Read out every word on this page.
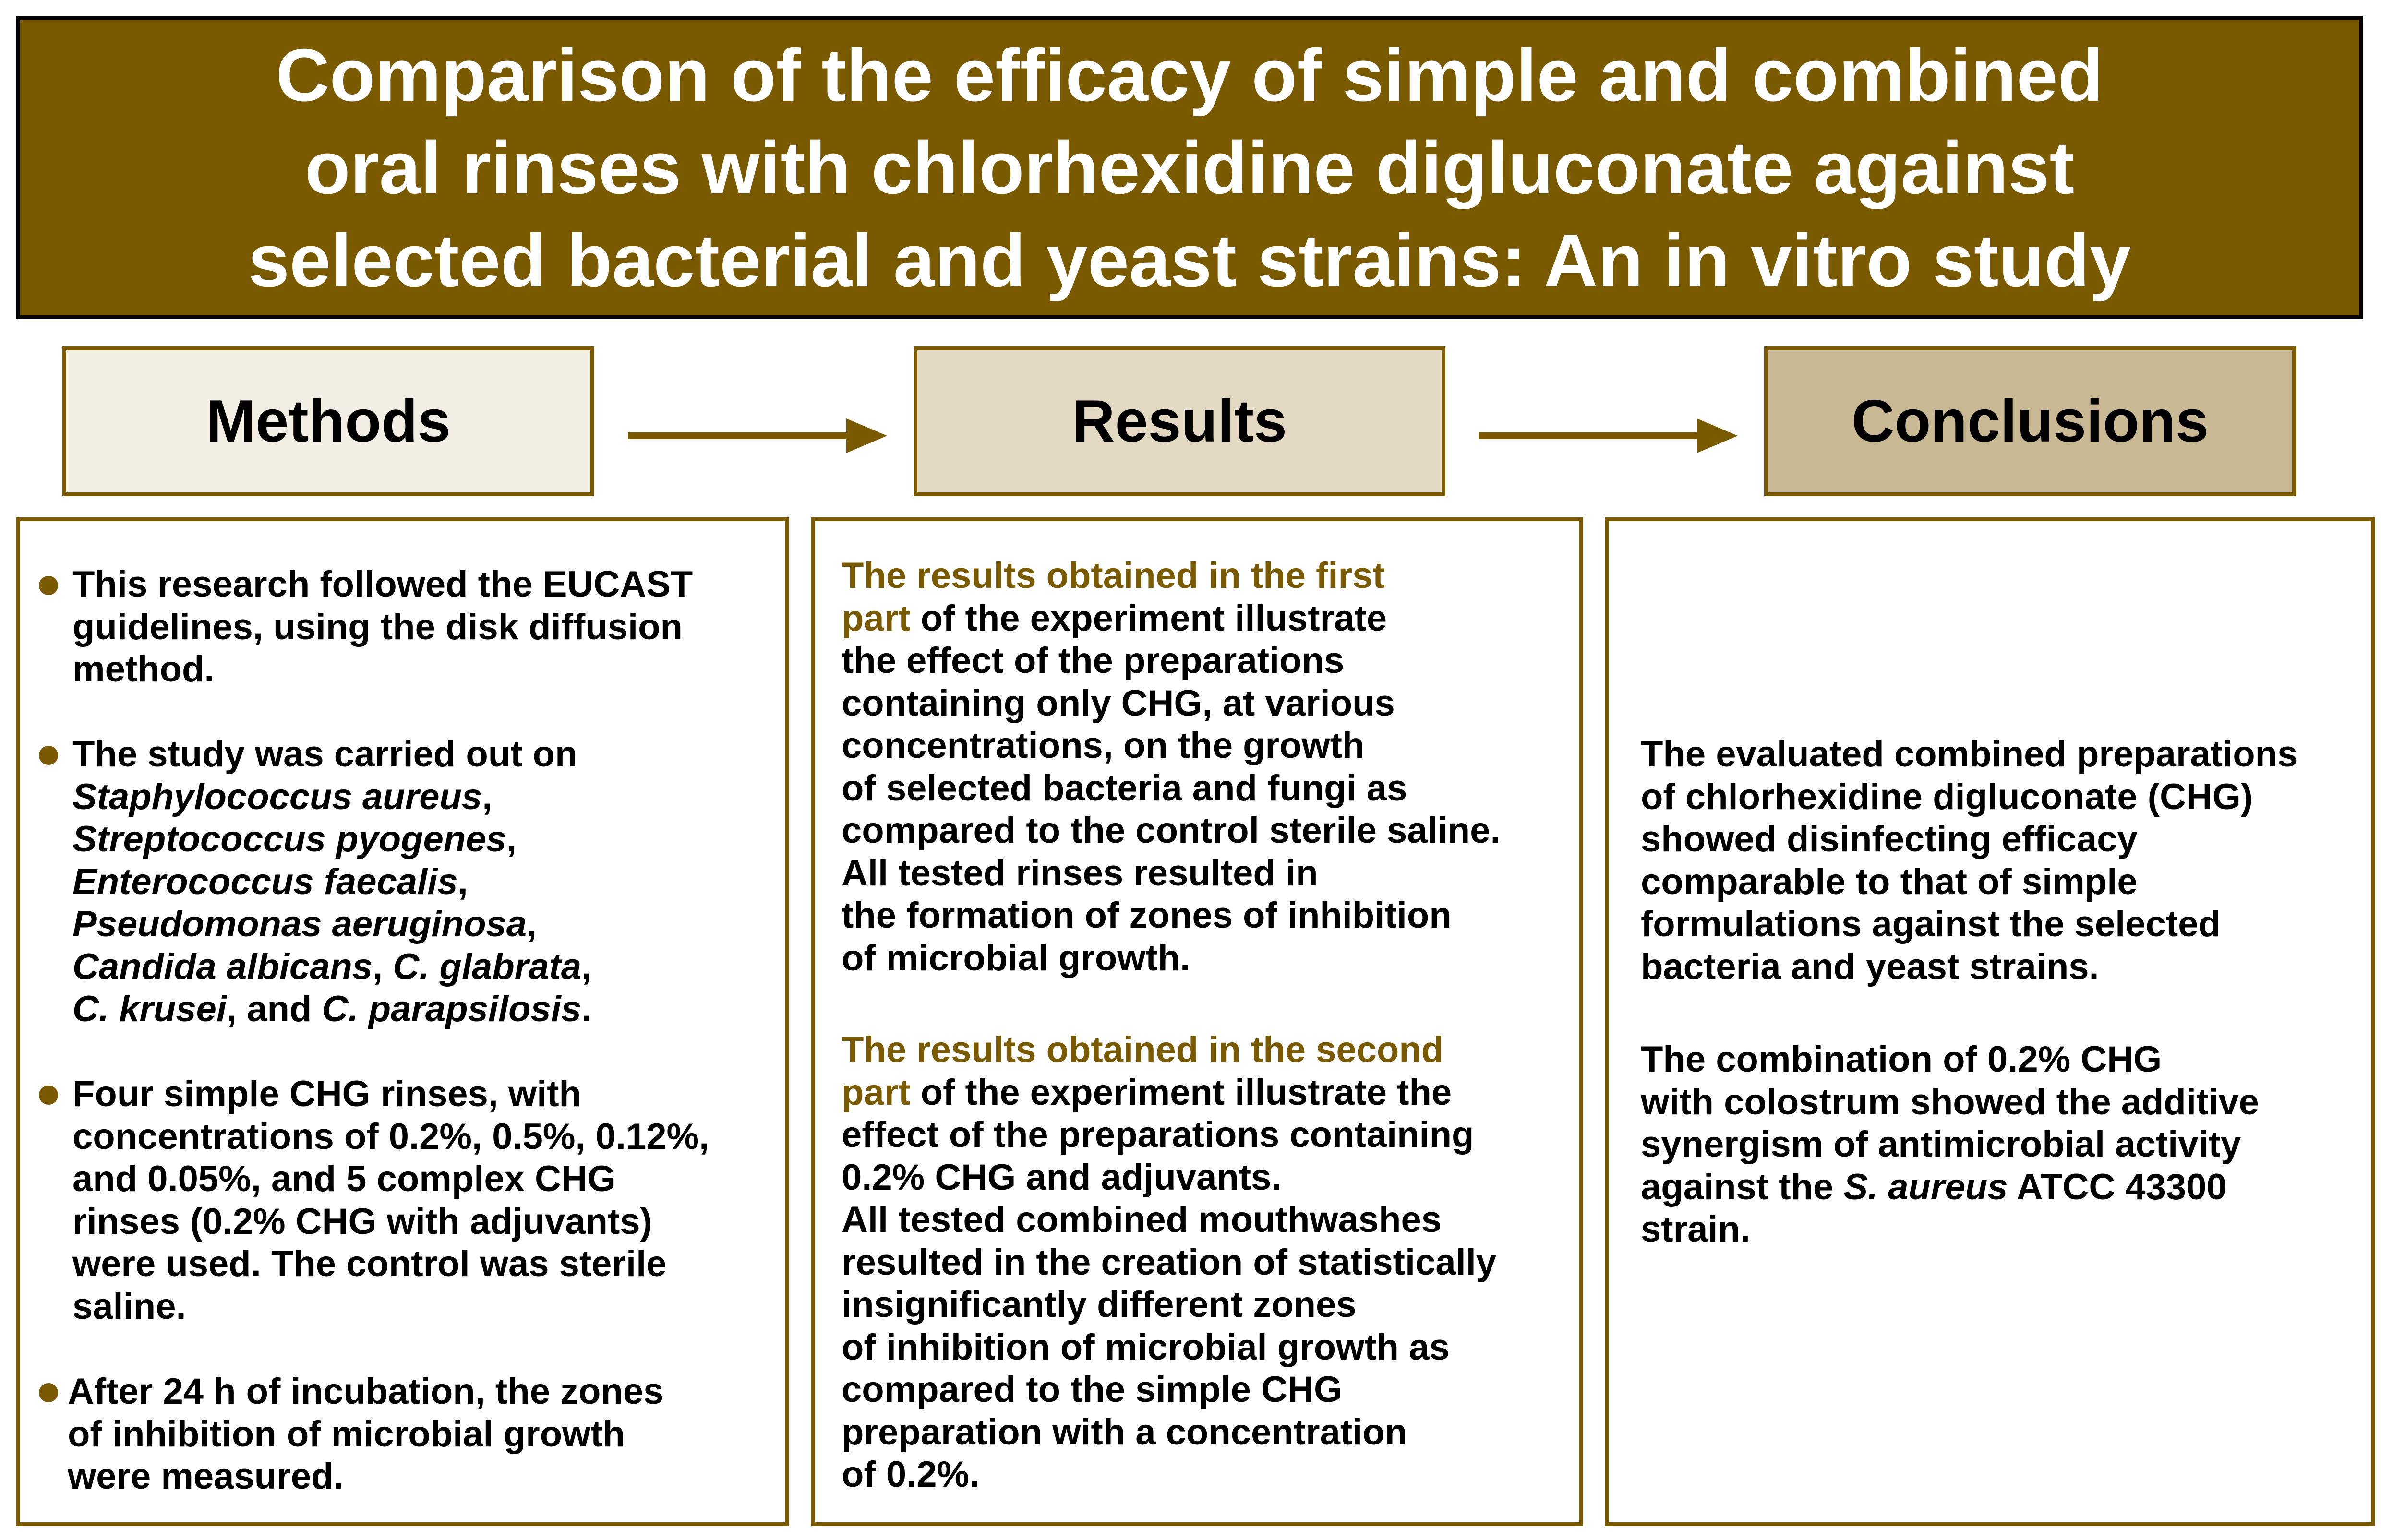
Comparison of the efficacy of simple and combined
oral rinses with chlorhexidine digluconate against
selected bacterial and yeast strains: An in vitro study
Methods	Results	Conclusions
This research followed the EUCAST
guidelines, using the disk diffusion
method.
The study was carried out on
Staphylococcus aureus,
Streptococcus pyogenes,
Enterococcus faecalis,
Pseudomonas aeruginosa,
Candida albicans, C. glabrata,
C. krusei, and C. parapsilosis.
Four simple CHG rinses, with
concentrations of 0.2%, 0.5%, 0.12%,
and 0.05%, and 5 complex CHG
rinses (0.2% CHG with adjuvants)
were used. The control was sterile
saline.
After 24 h of incubation, the zones
of inhibition of microbial growth
were measured.
The results obtained in the first
part of the experiment illustrate
the effect of the preparations
containing only CHG, at various
concentrations, on the growth
of selected bacteria and fungi as
compared to the control sterile saline.
All tested rinses resulted in
the formation of zones of inhibition
of microbial growth.
The results obtained in the second
part of the experiment illustrate the
effect of the preparations containing
0.2% CHG and adjuvants.
All tested combined mouthwashes
resulted in the creation of statistically
insignificantly different zones
of inhibition of microbial growth as
compared to the simple CHG
preparation with a concentration
of 0.2%.
The evaluated combined preparations
of chlorhexidine digluconate (CHG)
showed disinfecting efficacy
comparable to that of simple
formulations against the selected
bacteria and yeast strains.
The combination of 0.2% CHG
with colostrum showed the additive
synergism of antimicrobial activity
against the S. aureus ATCC 43300
strain.
